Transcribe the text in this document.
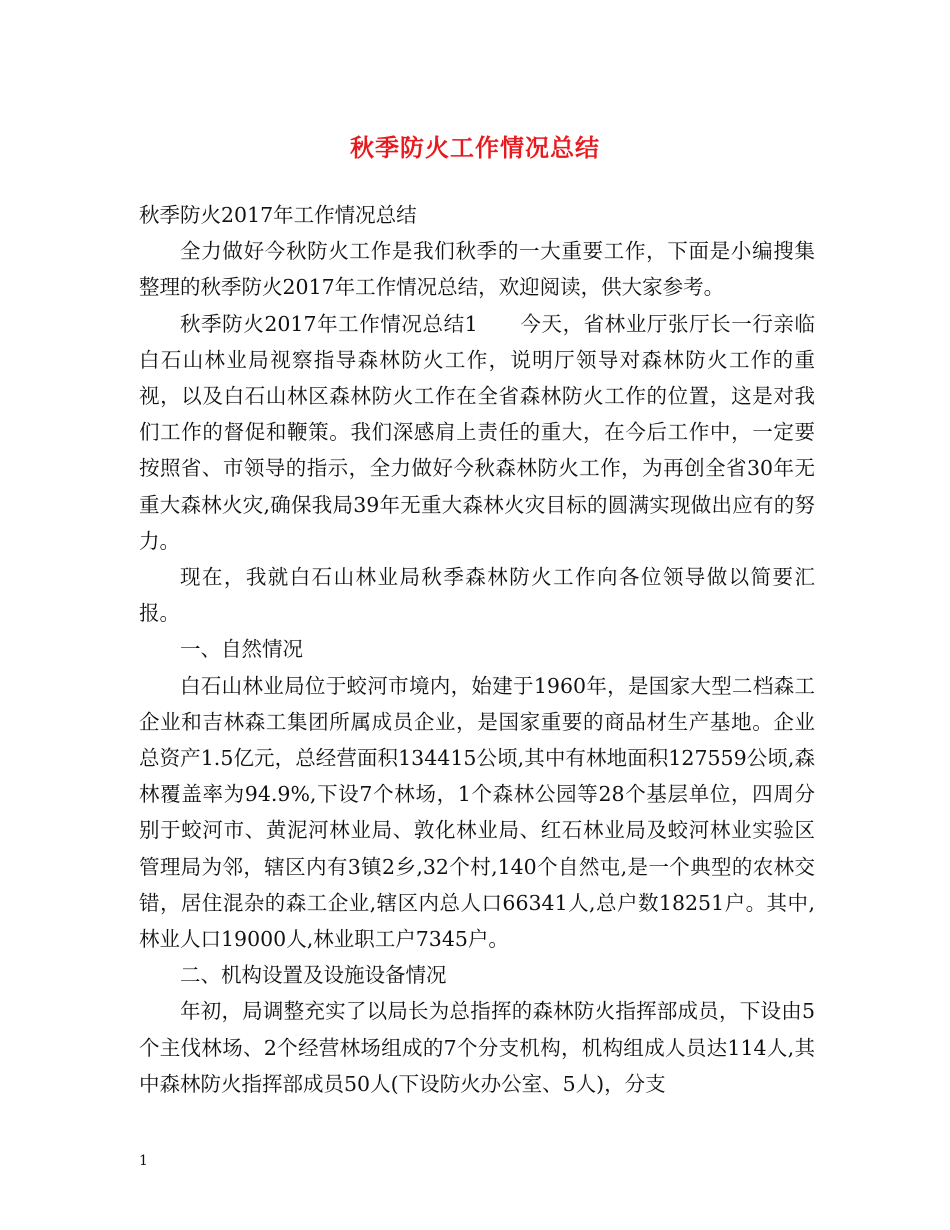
秋季防火工作情况总结

秋季防火2017年工作情况总结

全力做好今秋防火工作是我们秋季的一大重要工作，下面是小编搜集整理的秋季防火2017年工作情况总结，欢迎阅读，供大家参考。

秋季防火2017年工作情况总结1　　今天，省林业厅张厅长一行亲临白石山林业局视察指导森林防火工作，说明厅领导对森林防火工作的重视，以及白石山林区森林防火工作在全省森林防火工作的位置，这是对我们工作的督促和鞭策。我们深感肩上责任的重大，在今后工作中，一定要按照省、市领导的指示，全力做好今秋森林防火工作，为再创全省30年无重大森林火灾,确保我局39年无重大森林火灾目标的圆满实现做出应有的努力。

现在，我就白石山林业局秋季森林防火工作向各位领导做以简要汇报。

一、自然情况

白石山林业局位于蛟河市境内，始建于1960年，是国家大型二档森工企业和吉林森工集团所属成员企业，是国家重要的商品材生产基地。企业总资产1.5亿元，总经营面积134415公顷,其中有林地面积127559公顷,森林覆盖率为94.9%,下设7个林场，1个森林公园等28个基层单位，四周分别于蛟河市、黄泥河林业局、敦化林业局、红石林业局及蛟河林业实验区管理局为邻，辖区内有3镇2乡,32个村,140个自然屯,是一个典型的农林交错，居住混杂的森工企业,辖区内总人口66341人,总户数18251户。其中,林业人口19000人,林业职工户7345户。

二、机构设置及设施设备情况

年初，局调整充实了以局长为总指挥的森林防火指挥部成员，下设由5个主伐林场、2个经营林场组成的7个分支机构，机构组成人员达114人,其中森林防火指挥部成员50人(下设防火办公室、5人)，分支

1
